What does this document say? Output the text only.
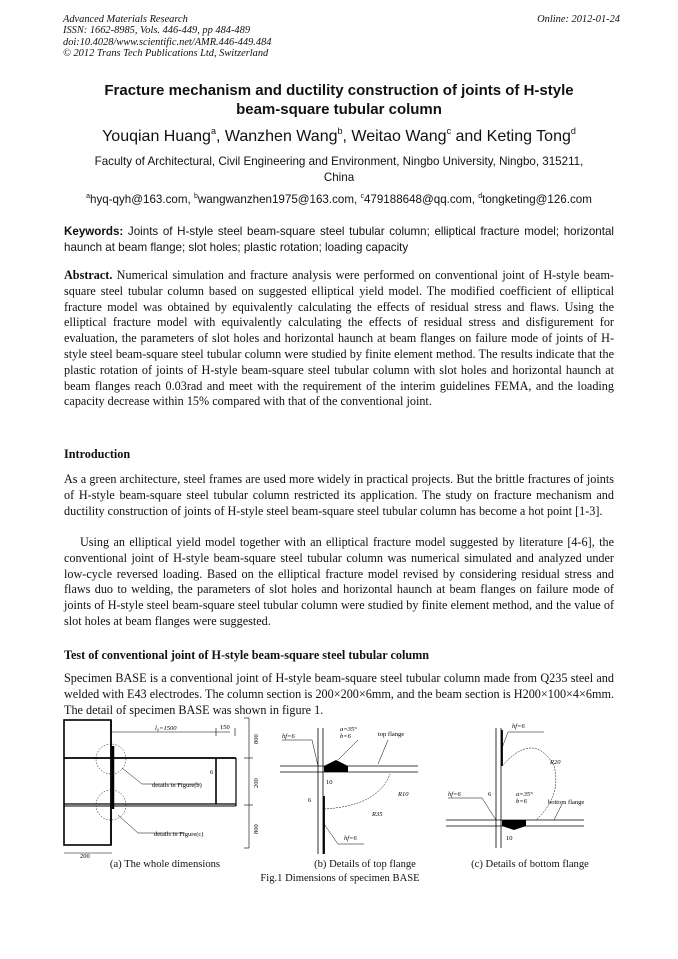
Advanced Materials Research
ISSN: 1662-8985, Vols. 446-449, pp 484-489
doi:10.4028/www.scientific.net/AMR.446-449.484
© 2012 Trans Tech Publications Ltd, Switzerland
Online: 2012-01-24
Fracture mechanism and ductility construction of joints of H-style
beam-square tubular column
Youqian Huang$^a$, Wanzhen Wang$^b$, Weitao Wang$^c$ and Keting Tong$^d$
Faculty of Architectural, Civil Engineering and Environment, Ningbo University, Ningbo, 315211,
China
$^a$hyq-qyh@163.com, $^b$wangwanzhen1975@163.com, $^c$479188648@qq.com, $^d$tongketing@126.com
Keywords: Joints of H-style steel beam-square steel tubular column; elliptical fracture model; horizontal haunch at beam flange; slot holes; plastic rotation; loading capacity
Abstract. Numerical simulation and fracture analysis were performed on conventional joint of H-style beam-square steel tubular column based on suggested elliptical yield model. The modified coefficient of elliptical fracture model was obtained by equivalently calculating the effects of residual stress and flaws. Using the elliptical fracture model with equivalently calculating the effects of residual stress and disfigurement for evaluation, the parameters of slot holes and horizontal haunch at beam flanges on failure mode of joints of H-style steel beam-square steel tubular column were studied by finite element method. The results indicate that the plastic rotation of joints of H-style beam-square steel tubular column with slot holes and horizontal haunch at beam flanges reach 0.03rad and meet with the requirement of the interim guidelines FEMA, and the loading capacity decrease within 15% compared with that of the conventional joint.
Introduction
As a green architecture, steel frames are used more widely in practical projects. But the brittle fractures of joints of H-style beam-square steel tubular column restricted its application. The study on fracture mechanism and ductility construction of joints of H-style steel beam-square steel tubular column has become a hot point [1-3].
Using an elliptical yield model together with an elliptical fracture model suggested by literature [4-6], the conventional joint of H-style beam-square steel tubular column was numerical simulated and analyzed under low-cycle reversed loading. Based on the elliptical fracture model revised by considering residual stress and flaws duo to welding, the parameters of slot holes and horizontal haunch at beam flanges on failure mode of joints of H-style steel beam-square steel tubular column were studied by finite element method, and the value of slot holes at beam flanges were suggested.
Test of conventional joint of H-style beam-square steel tubular column
Specimen BASE is a conventional joint of H-style beam-square steel tubular column made from Q235 steel and welded with E43 electrodes. The column section is 200×200×6mm, and the beam section is H200×100×4×6mm. The detail of specimen BASE was shown in figure 1.
l₀=1500	150
6
details in Figure(b)
details in Figure(c)
200
800
200
800
hf=6
a=35°
b=6	top flange
6
10
R10
R35
hf=6
hf=6
R20
6
hf=6	a=35°
b=6	bottom flange
10
(a) The whole dimensions	(b) Details of top flange	(c) Details of bottom flange
Fig.1 Dimensions of specimen BASE
